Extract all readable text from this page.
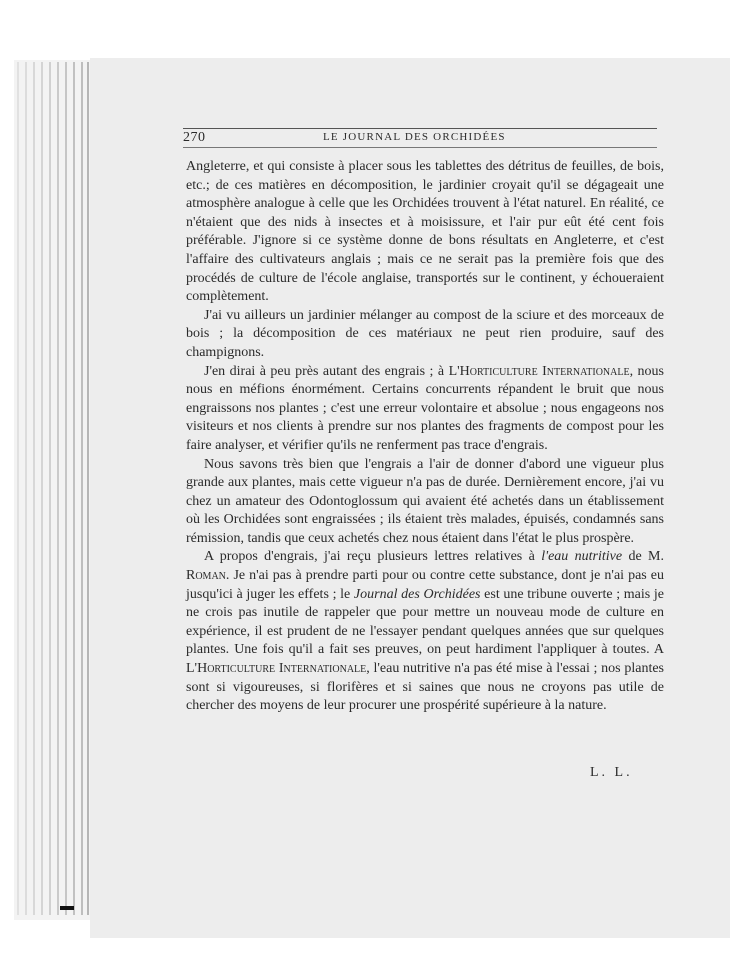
270	LE JOURNAL DES ORCHIDÉES

Angleterre, et qui consiste à placer sous les tablettes des détritus de feuilles, de bois, etc.; de ces matières en décomposition, le jardinier croyait qu'il se dégageait une atmosphère analogue à celle que les Orchidées trouvent à l'état naturel. En réalité, ce n'étaient que des nids à insectes et à moisissure, et l'air pur eût été cent fois préférable. J'ignore si ce système donne de bons résultats en Angleterre, et c'est l'affaire des cultivateurs anglais ; mais ce ne serait pas la première fois que des procédés de culture de l'école anglaise, transportés sur le continent, y échoueraient complètement.

J'ai vu ailleurs un jardinier mélanger au compost de la sciure et des morceaux de bois ; la décomposition de ces matériaux ne peut rien produire, sauf des champignons.

J'en dirai à peu près autant des engrais ; à L'Horticulture Internationale, nous nous en méfions énormément. Certains concurrents répandent le bruit que nous engraissons nos plantes ; c'est une erreur volontaire et absolue ; nous engageons nos visiteurs et nos clients à prendre sur nos plantes des fragments de compost pour les faire analyser, et vérifier qu'ils ne renferment pas trace d'engrais.

Nous savons très bien que l'engrais a l'air de donner d'abord une vigueur plus grande aux plantes, mais cette vigueur n'a pas de durée. Dernièrement encore, j'ai vu chez un amateur des Odontoglossum qui avaient été achetés dans un établissement où les Orchidées sont engraissées ; ils étaient très malades, épuisés, condamnés sans rémission, tandis que ceux achetés chez nous étaient dans l'état le plus prospère.

A propos d'engrais, j'ai reçu plusieurs lettres relatives à l'eau nutritive de M. Roman. Je n'ai pas à prendre parti pour ou contre cette substance, dont je n'ai pas eu jusqu'ici à juger les effets ; le Journal des Orchidées est une tribune ouverte ; mais je ne crois pas inutile de rappeler que pour mettre un nouveau mode de culture en expérience, il est prudent de ne l'essayer pendant quelques années que sur quelques plantes. Une fois qu'il a fait ses preuves, on peut hardiment l'appliquer à toutes. A L'Horticulture Internationale, l'eau nutritive n'a pas été mise à l'essai ; nos plantes sont si vigoureuses, si florifères et si saines que nous ne croyons pas utile de chercher des moyens de leur procurer une prospérité supérieure à la nature.

L. L.
